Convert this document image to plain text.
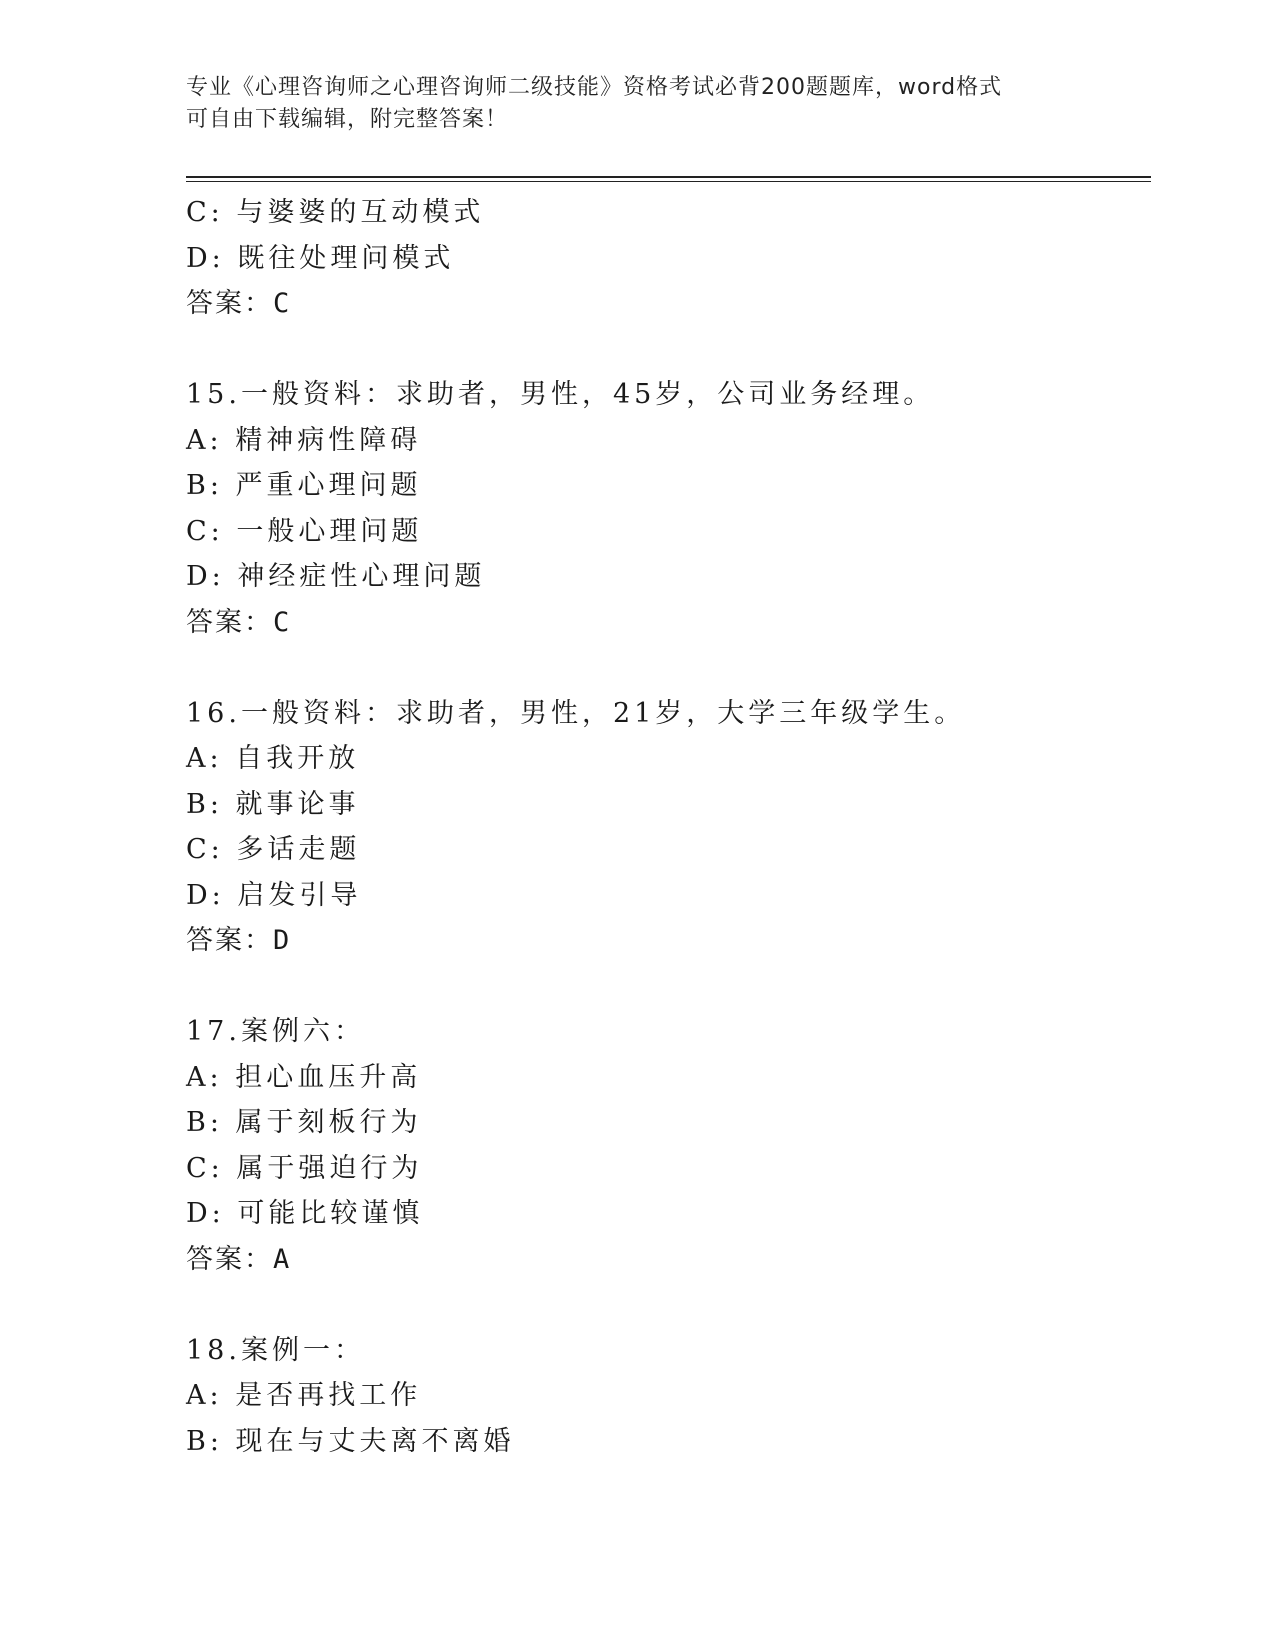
专业《心理咨询师之心理咨询师二级技能》资格考试必背200题题库，word格式
可自由下载编辑，附完整答案！
C: 与婆婆的互动模式
D: 既往处理问模式
答案：C
15.一般资料：求助者，男性，45岁，公司业务经理。
A: 精神病性障碍
B: 严重心理问题
C: 一般心理问题
D: 神经症性心理问题
答案：C
16.一般资料：求助者，男性，21岁，大学三年级学生。
A: 自我开放
B: 就事论事
C: 多话走题
D: 启发引导
答案：D
17.案例六：
A: 担心血压升高
B: 属于刻板行为
C: 属于强迫行为
D: 可能比较谨慎
答案：A
18.案例一：
A: 是否再找工作
B: 现在与丈夫离不离婚
